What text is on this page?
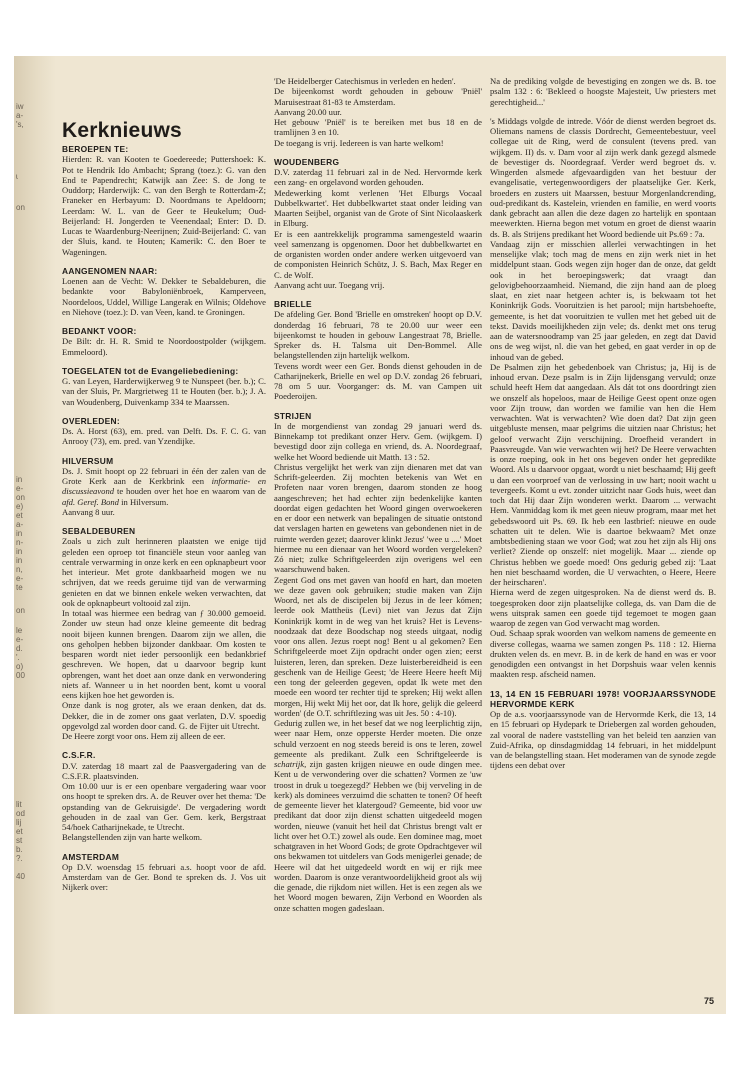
iw
a-
's,
ɩ
on
in
e-
on
e)
et
a-
in
n-
in
in
n,
e-
te
on
le
e-
d.
'.
o)
00
lit
od
lij
et
st
b.
?.
40

Kerknieuws

BEROEPEN TE:

Hierden: R. van Kooten te Goedereede; Puttershoek: K. Pot te Hendrik Ido Ambacht; Sprang (toez.): G. van den End te Papendrecht; Katwijk aan Zee: S. de Jong te Ouddorp; Harderwijk: C. van den Bergh te Rotterdam-Z; Franeker en Herbayum: D. Noordmans te Apeldoorn; Leerdam: W. L. van de Geer te Heukelum; Oud-Beijerland: H. Jongerden te Veenendaal; Enter: D. D. Lucas te Waardenburg-Neerijnen; Zuid-Beijerland: C. van der Sluis, kand. te Houten; Kamerik: C. den Boer te Wageningen.

AANGENOMEN NAAR:

Loenen aan de Vecht: W. Dekker te Sebaldeburen, die bedankte voor Babyloniënbroek, Kamperveen, Noordeloos, Uddel, Willige Langerak en Wilnis; Oldehove en Niehove (toez.): D. van Veen, kand. te Groningen.

BEDANKT VOOR:

De Bilt: dr. H. R. Smid te Noordoostpolder (wijkgem. Emmeloord).

TOEGELATEN tot de Evangeliebediening:

G. van Leyen, Harderwijkerweg 9 te Nunspeet (ber. b.); C. van der Sluis, Pr. Margrietweg 11 te Houten (ber. b.); J. A. van Woudenberg, Duivenkamp 334 te Maarssen.

OVERLEDEN:

Ds. A. Horst (63), em. pred. van Delft. Ds. F. C. G. van Anrooy (73), em. pred. van Yzendijke.

HILVERSUM

Ds. J. Smit hoopt op 22 februari in één der zalen van de Grote Kerk aan de Kerkbrink een informatie- en discussieavond te houden over het hoe en waarom van de afd. Geref. Bond in Hilversum.

Aanvang 8 uur.

SEBALDEBUREN

Zoals u zich zult herinneren plaatsten we enige tijd geleden een oproep tot financiële steun voor aanleg van centrale verwarming in onze kerk en een opknapbeurt voor het interieur. Met grote dankbaarheid mogen we nu schrijven, dat we reeds geruime tijd van de verwarming genieten en dat we binnen enkele weken verwachten, dat ook de opknapbeurt voltooid zal zijn.

In totaal was hiermee een bedrag van ƒ 30.000 gemoeid. Zonder uw steun had onze kleine gemeente dit bedrag nooit bijeen kunnen brengen. Daarom zijn we allen, die ons geholpen hebben bijzonder dankbaar. Om kosten te besparen wordt niet ieder persoonlijk een bedankbrief geschreven. We hopen, dat u daarvoor begrip kunt opbrengen, want het doet aan onze dank en verwondering niets af. Wanneer u in het noorden bent, komt u vooral eens kijken hoe het geworden is.

Onze dank is nog groter, als we eraan denken, dat ds. Dekker, die in de zomer ons gaat verlaten, D.V. spoedig opgevolgd zal worden door cand. G. de Fijter uit Utrecht.

De Heere zorgt voor ons. Hem zij alleen de eer.

C.S.F.R.

D.V. zaterdag 18 maart zal de Paasvergadering van de C.S.F.R. plaatsvinden.

Om 10.00 uur is er een openbare vergadering waar voor ons hoopt te spreken drs. A. de Reuver over het thema: 'De opstanding van de Gekruisigde'. De vergadering wordt gehouden in de zaal van Ger. Gem. kerk, Bergstraat 54/hoek Catharijnekade, te Utrecht.

Belangstellenden zijn van harte welkom.

AMSTERDAM

Op D.V. woensdag 15 februari a.s. hoopt voor de afd. Amsterdam van de Ger. Bond te spreken ds. J. Vos uit Nijkerk over:

'De Heidelberger Catechismus in verleden en heden'.

De bijeenkomst wordt gehouden in gebouw 'Pniël' Maruisestraat 81-83 te Amsterdam.

Aanvang 20.00 uur.

Het gebouw 'Pniël' is te bereiken met bus 18 en de tramlijnen 3 en 10.

De toegang is vrij. Iedereen is van harte welkom!

WOUDENBERG

D.V. zaterdag 11 februari zal in de Ned. Hervormde kerk een zang- en orgelavond worden gehouden.

Medewerking komt verlenen 'Het Elburgs Vocaal Dubbelkwartet'. Het dubbelkwartet staat onder leiding van Maarten Seijbel, organist van de Grote of Sint Nicolaaskerk in Elburg.

Er is een aantrekkelijk programma samengesteld waarin veel samenzang is opgenomen. Door het dubbelkwartet en de organisten worden onder andere werken uitgevoerd van de componisten Heinrich Schütz, J. S. Bach, Max Reger en C. de Wolf.

Aanvang acht uur. Toegang vrij.

BRIELLE

De afdeling Ger. Bond 'Brielle en omstreken' hoopt op D.V. donderdag 16 februari, 78 te 20.00 uur weer een bijeenkomst te houden in gebouw Langestraat 78, Brielle. Spreker ds. H. Talsma uit Den-Bommel. Alle belangstellenden zijn hartelijk welkom.

Tevens wordt weer een Ger. Bonds dienst gehouden in de Catharijnekerk, Brielle en wel op D.V. zondag 26 februari, 78 om 5 uur. Voorganger: ds. M. van Campen uit Poederoijen.

STRIJEN

In de morgendienst van zondag 29 januari werd ds. Binnekamp tot predikant onzer Herv. Gem. (wijkgem. I) bevestigd door zijn collega en vriend, ds. A. Noordegraaf, welke het Woord bediende uit Matth. 13 : 52.

Christus vergelijkt het werk van zijn dienaren met dat van Schrift-geleerden. Zij mochten betekenis van Wet en Profeten naar voren brengen, daarom stonden ze hoog aangeschreven; het had echter zijn bedenkelijke kanten doordat eigen gedachten het Woord gingen overwoekeren en er door een netwerk van bepalingen de situatie ontstond dat verslagen harten en gewetens van gebondenen niet in de ruimte werden gezet; daarover klinkt Jezus' 'wee u ....' Moet hiermee nu een dienaar van het Woord worden vergeleken? Zó niet; zulke Schriftgeleerden zijn overigens wel een waarschuwend baken.

Zegent God ons met gaven van hoofd en hart, dan moeten we deze gaven ook gebruiken; studie maken van Zijn Woord, net als de discipelen bij Jezus in de leer kómen; leerde ook Mattheüs (Levi) niet van Jezus dat Zijn Koninkrijk komt in de weg van het kruis? Het is Levens-noodzaak dat deze Boodschap nog steeds uitgaat, nodig voor ons allen. Jezus roept nog! Bent u al gekomen? Een Schriftgeleerde moet Zijn opdracht onder ogen zien; eerst luisteren, leren, dan spreken. Deze luisterbereidheid is een geschenk van de Heilige Geest; 'de Heere Heere heeft Mij een tong der geleerden gegeven, opdat Ik wete met den moede een woord ter rechter tijd te spreken; Hij wekt allen morgen, Hij wekt Mij het oor, dat Ik hore, gelijk die geleerd worden' (de O.T. schriftlezing was uit Jes. 50 : 4-10).

Gedurig zullen we, in het besef dat we nog leerplichtig zijn, weer naar Hem, onze opperste Herder moeten. Die onze schuld verzoent en nog steeds bereid is ons te leren, zowel gemeente als predikant. Zulk een Schriftgeleerde is schatrijk, zijn gasten krijgen nieuwe en oude dingen mee. Kent u de verwondering over die schatten? Vormen ze 'uw troost in druk u toegezegd?' Hebben we (bij verveling in de kerk) als dominees verzuimd die schatten te tonen? Of heeft de gemeente liever het klatergoud? Gemeente, bid voor uw predikant dat door zijn dienst schatten uitgedeeld mogen worden, nieuwe (vanuit het heil dat Christus brengt valt er licht over het O.T.) zowel als oude. Een dominee mag, moet schatgraven in het Woord Gods; de grote Opdrachtgever wil ons bekwamen tot uitdelers van Gods menigerlei genade; de Heere wil dat het uitgedeeld wordt en wij er rijk mee worden. Daarom is onze verantwoordelijkheid groot als wij die genade, die rijkdom niet willen. Het is een zegen als we het Woord mogen bewaren, Zijn Verbond en Woorden als onze schatten mogen gadeslaan.

Na de prediking volgde de bevestiging en zongen we ds. B. toe psalm 132 : 6: 'Bekleed o hoogste Majesteit, Uw priesters met gerechtigheid...'

's Middags volgde de intrede. Vóór de dienst werden begroet ds. Oliemans namens de classis Dordrecht, Gemeentebestuur, veel collegae uit de Ring, werd de consulent (tevens pred. van wijkgem. II) ds. v. Dam voor al zijn werk dank gezegd alsmede de bevestiger ds. Noordegraaf. Verder werd begroet ds. v. Wingerden alsmede afgevaardigden van het bestuur der evangelisatie, vertegenwoordigers der plaatselijke Ger. Kerk, broeders en zusters uit Maarssen, bestuur Morgenlandcrending, oud-predikant ds. Kastelein, vrienden en familie, en werd voorts dank gebracht aan allen die deze dagen zo hartelijk en spontaan meewerkten. Hierna begon met votum en groet de dienst waarin ds. B. als Strijens predikant het Woord bediende uit Ps.69 : 7a.

Vandaag zijn er misschien allerlei verwachtingen in het menselijke vlak; toch mag de mens en zijn werk niet in het middelpunt staan. Gods wegen zijn hoger dan de onze, dat geldt ook in het beroepingswerk; dat vraagt dan gelovigbehoorzaamheid. Niemand, die zijn hand aan de ploeg slaat, en ziet naar hetgeen achter is, is bekwaam tot het Koninkrijk Gods. Vooruitzien is het parool; mijn hartsbehoefte, gemeente, is het dat vooruitzien te vullen met het gebed uit de tekst. Davids moeilijkheden zijn vele; ds. denkt met ons terug aan de watersnoodramp van 25 jaar geleden, en zegt dat David ons de weg wijst, nl. die van het gebed, en gaat verder in op de inhoud van de gebed.

De Psalmen zijn het gebedenboek van Christus; ja, Hij is de inhoud ervan. Deze psalm is in Zijn lijdensgang vervuld; onze schuld heeft Hem dat aangedaan. Als dát tot ons doordringt zien we onszelf als hopeloos, maar de Heilige Geest opent onze ogen voor Zijn trouw, dan worden we familie van hen die Hem verwachten. Wat is verwachten? Wie doen dat? Dat zijn geen uitgebluste mensen, maar pelgrims die uitzien naar Christus; het geloof verwacht Zijn verschijning. Droefheid verandert in Paasvreugde. Van wie verwachten wij het? De Heere verwachten is onze roeping, ook in het ons begeven onder het gepredikte Woord. Als u daarvoor opgaat, wordt u niet beschaamd; Hij geeft u dan een voorproef van de verlossing in uw hart; nooit wacht u tevergeefs. Komt u evt. zonder uitzicht naar Gods huis, weet dan toch dat Hij daar Zijn wonderen werkt. Daarom ... verwacht Hem. Vanmiddag kom ik met geen nieuw program, maar met het gebedswoord uit Ps. 69. Ik heb een lastbrief: nieuwe en oude schatten uit te delen. Wie is daartoe bekwaam? Met onze ambtsbediening staan we voor God; wat zou het zijn als Hij ons verliet? Ziende op onszelf: niet mogelijk. Maar ... ziende op Christus hebben we goede moed! Ons gedurig gebed zij: 'Laat hen niet beschaamd worden, die U verwachten, o Heere, Heere der heirscharen'.

Hierna werd de zegen uitgesproken. Na de dienst werd ds. B. toegesproken door zijn plaatselijke collega, ds. van Dam die de wens uitsprak samen een goede tijd tegemoet te mogen gaan waarop de zegen van God verwacht mag worden.

Oud. Schaap sprak woorden van welkom namens de gemeente en diverse collegas, waarna we samen zongen Ps. 118 : 12. Hierna drukten velen ds. en mevr. B. in de kerk de hand en was er voor genodigden een ontvangst in het Dorpshuis waar velen kennis maakten resp. afscheid namen.

13, 14 EN 15 FEBRUARI 1978! VOORJAARSSYNODE HERVORMDE KERK

Op de a.s. voorjaarssynode van de Hervormde Kerk, die 13, 14 en 15 februari op Hydepark te Driebergen zal worden gehouden, zal vooral de nadere vaststelling van het beleid ten aanzien van Zuid-Afrika, op dinsdagmiddag 14 februari, in het middelpunt van de belangstelling staan. Het moderamen van de synode zegde tijdens een debat over

75
